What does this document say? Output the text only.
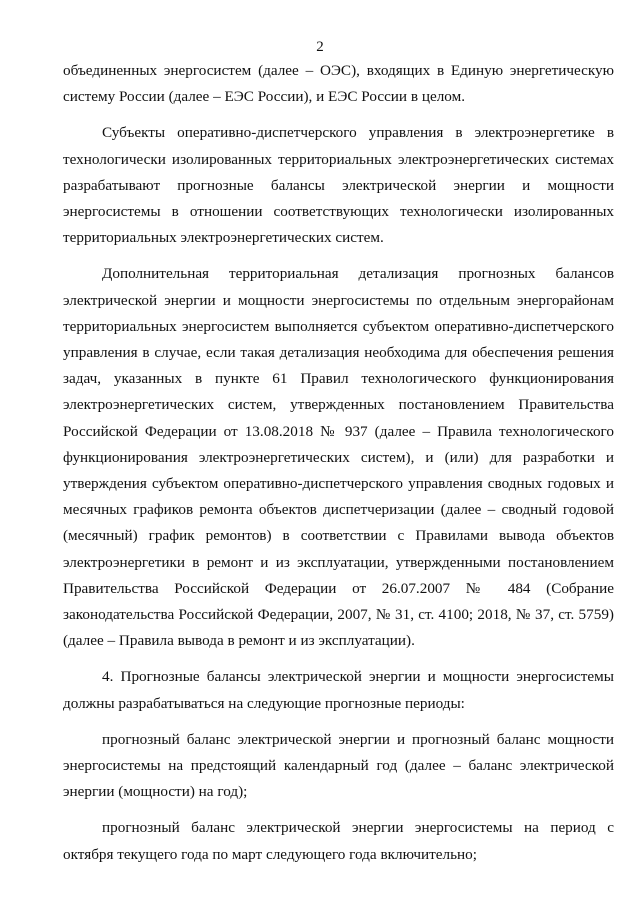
2

объединенных энергосистем (далее – ОЭС), входящих в Единую энергетическую систему России (далее – ЕЭС России), и ЕЭС России в целом.

Субъекты оперативно-диспетчерского управления в электроэнергетике в технологически изолированных территориальных электроэнергетических системах разрабатывают прогнозные балансы электрической энергии и мощности энергосистемы в отношении соответствующих технологически изолированных территориальных электроэнергетических систем.

Дополнительная территориальная детализация прогнозных балансов электрической энергии и мощности энергосистемы по отдельным энергорайонам территориальных энергосистем выполняется субъектом оперативно-диспетчерского управления в случае, если такая детализация необходима для обеспечения решения задач, указанных в пункте 61 Правил технологического функционирования электроэнергетических систем, утвержденных постановлением Правительства Российской Федерации от 13.08.2018 № 937 (далее – Правила технологического функционирования электроэнергетических систем), и (или) для разработки и утверждения субъектом оперативно-диспетчерского управления сводных годовых и месячных графиков ремонта объектов диспетчеризации (далее – сводный годовой (месячный) график ремонтов) в соответствии с Правилами вывода объектов электроэнергетики в ремонт и из эксплуатации, утвержденными постановлением Правительства Российской Федерации от 26.07.2007 № 484 (Собрание законодательства Российской Федерации, 2007, № 31, ст. 4100; 2018, № 37, ст. 5759) (далее – Правила вывода в ремонт и из эксплуатации).

4. Прогнозные балансы электрической энергии и мощности энергосистемы должны разрабатываться на следующие прогнозные периоды:

прогнозный баланс электрической энергии и прогнозный баланс мощности энергосистемы на предстоящий календарный год (далее – баланс электрической энергии (мощности) на год);

прогнозный баланс электрической энергии энергосистемы на период с октября текущего года по март следующего года включительно;
